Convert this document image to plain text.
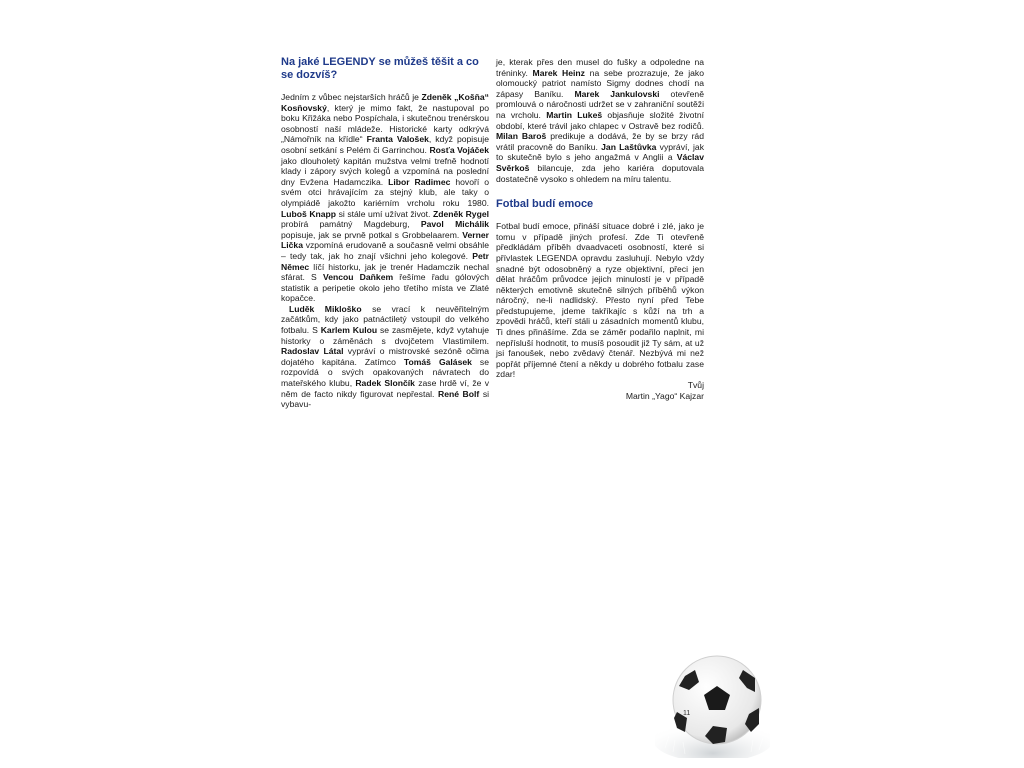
Na jaké LEGENDY se můžeš těšit a co se dozvíš?

Jedním z vůbec nejstarších hráčů je Zdeněk „Košňa“ Kosňovský, který je mimo fakt, že nastupoval po boku Křižáka nebo Pospíchala, i skutečnou trenérskou osobností naší mládeže. Historické karty odkrývá „Námořník na křídle“ Franta Valošek, když popisuje osobní setkání s Pelém či Garrinchou. Rosťa Vojáček jako dlouholetý kapitán mužstva velmi trefně hodnotí klady i zápory svých kolegů a vzpomíná na poslední dny Evžena Hadamczika. Libor Radimec hovoří o svém otci hrávajícím za stejný klub, ale taky o olympiádě jakožto kariérním vrcholu roku 1980. Luboš Knapp si stále umí užívat život. Zdeněk Rygel probírá památný Magdeburg, Pavol Michálik popisuje, jak se prvně potkal s Grobbelaarem. Verner Lička vzpomíná erudovaně a současně velmi obsáhle – tedy tak, jak ho znají všichni jeho kolegové. Petr Němec líčí historku, jak je trenér Hadamczik nechal sfárat. S Vencou Daňkem řešíme řadu gólových statistik a peripetie okolo jeho třetího místa ve Zlaté kopačce.

Luděk Mikloško se vrací k neuvěřitelným začátkům, kdy jako patnáctiletý vstoupil do velkého fotbalu. S Karlem Kulou se zasmějete, když vytahuje historky o záměnách s dvojčetem Vlastimilem. Radoslav Látal vypráví o mistrovské sezóně očima dojatého kapitána. Zatímco Tomáš Galásek se rozpovídá o svých opakovaných návratech do mateřského klubu, Radek Slončík zase hrdě ví, že v něm de facto nikdy figurovat nepřestal. René Bolf si vybavu-

je, kterak přes den musel do fušky a odpoledne na tréninky. Marek Heinz na sebe prozrazuje, že jako olomoucký patriot namísto Sigmy dodnes chodí na zápasy Baníku. Marek Jankulovski otevřeně promlouvá o náročnosti udržet se v zahraniční soutěži na vrcholu. Martin Lukeš objasňuje složité životní období, které trávil jako chlapec v Ostravě bez rodičů. Milan Baroš predikuje a dodává, že by se brzy rád vrátil pracovně do Baníku. Jan Laštůvka vypráví, jak to skutečně bylo s jeho angažmá v Anglii a Václav Svěrkoš bilancuje, zda jeho kariéra doputovala dostatečně vysoko s ohledem na míru talentu.

Fotbal budí emoce

Fotbal budí emoce, přináší situace dobré i zlé, jako je tomu v případě jiných profesí. Zde Ti otevřeně předkládám příběh dvaadvaceti osobností, které si přívlastek LEGENDA opravdu zasluhují. Nebylo vždy snadné být odosobněný a ryze objektivní, přeci jen dělat hráčům průvodce jejich minulostí je v případě některých emotivně skutečně silných příběhů výkon náročný, ne-li nadlidský. Přesto nyní před Tebe předstupujeme, jdeme takříkajíc s kůží na trh a zpovědi hráčů, kteří stáli u zásadních momentů klubu, Ti dnes přinášíme. Zda se záměr podařilo naplnit, mi nepřísluší hodnotit, to musíš posoudit již Ty sám, at už jsi fanoušek, nebo zvědavý čtenář. Nezbývá mi než popřát příjemné čtení a někdy u dobrého fotbalu zase zdar!

Tvůj

Martin „Yago“ Kajzar

11
